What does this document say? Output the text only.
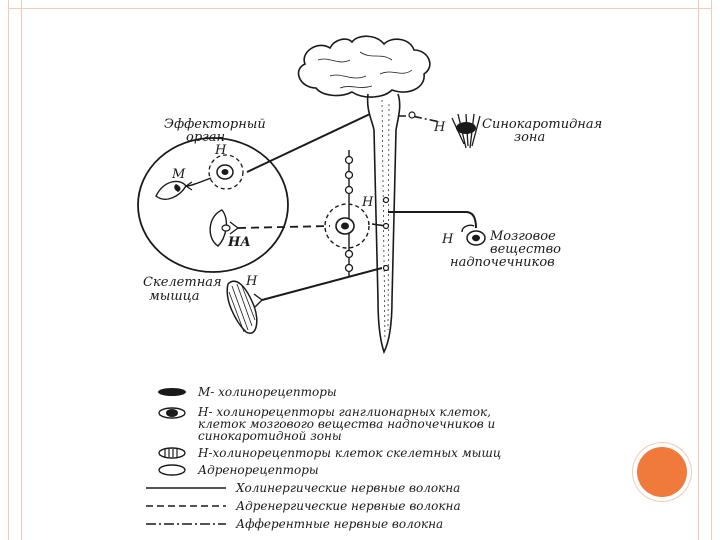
Эффекторный
орган
Н
М
НА
Н
Н	Синокаротидная
зона
Н	Мозговое
вещество
надпочечников
Скелетная
мышца
Н
М- холинорецепторы
Н- холинорецепторы ганглионарных клеток,
клеток мозгового вещества надпочечников и
синокаротидной зоны
Н-холинорецепторы клеток скелетных мышц
Адренорецепторы
Холинергические нервные волокна
Адренергические нервные волокна
Афферентные нервные волокна
